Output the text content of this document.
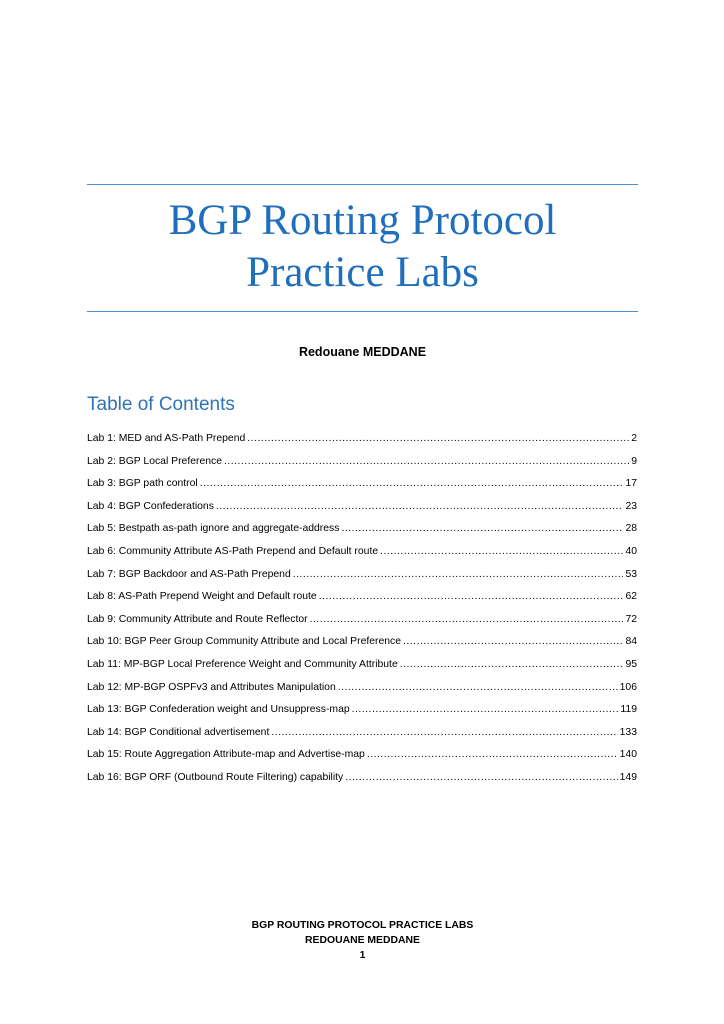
BGP Routing Protocol
Practice Labs
Redouane MEDDANE
Table of Contents
Lab 1: MED and AS-Path Prepend .....	2
Lab 2: BGP Local Preference .....	9
Lab 3: BGP path control .....	17
Lab 4: BGP Confederations .....	23
Lab 5: Bestpath as-path ignore and aggregate-address .....	28
Lab 6: Community Attribute AS-Path Prepend and Default route .....	40
Lab 7: BGP Backdoor and AS-Path Prepend .....	53
Lab 8: AS-Path Prepend Weight and Default route .....	62
Lab 9: Community Attribute and Route Reflector .....	72
Lab 10: BGP Peer Group Community Attribute and Local Preference .....	84
Lab 11: MP-BGP Local Preference Weight and Community Attribute .....	95
Lab 12: MP-BGP OSPFv3 and Attributes Manipulation .....	106
Lab 13: BGP Confederation weight and Unsuppress-map .....	119
Lab 14: BGP Conditional advertisement .....	133
Lab 15: Route Aggregation Attribute-map and Advertise-map .....	140
Lab 16: BGP ORF (Outbound Route Filtering) capability .....	149
BGP ROUTING PROTOCOL PRACTICE LABS
REDOUANE MEDDANE
1
